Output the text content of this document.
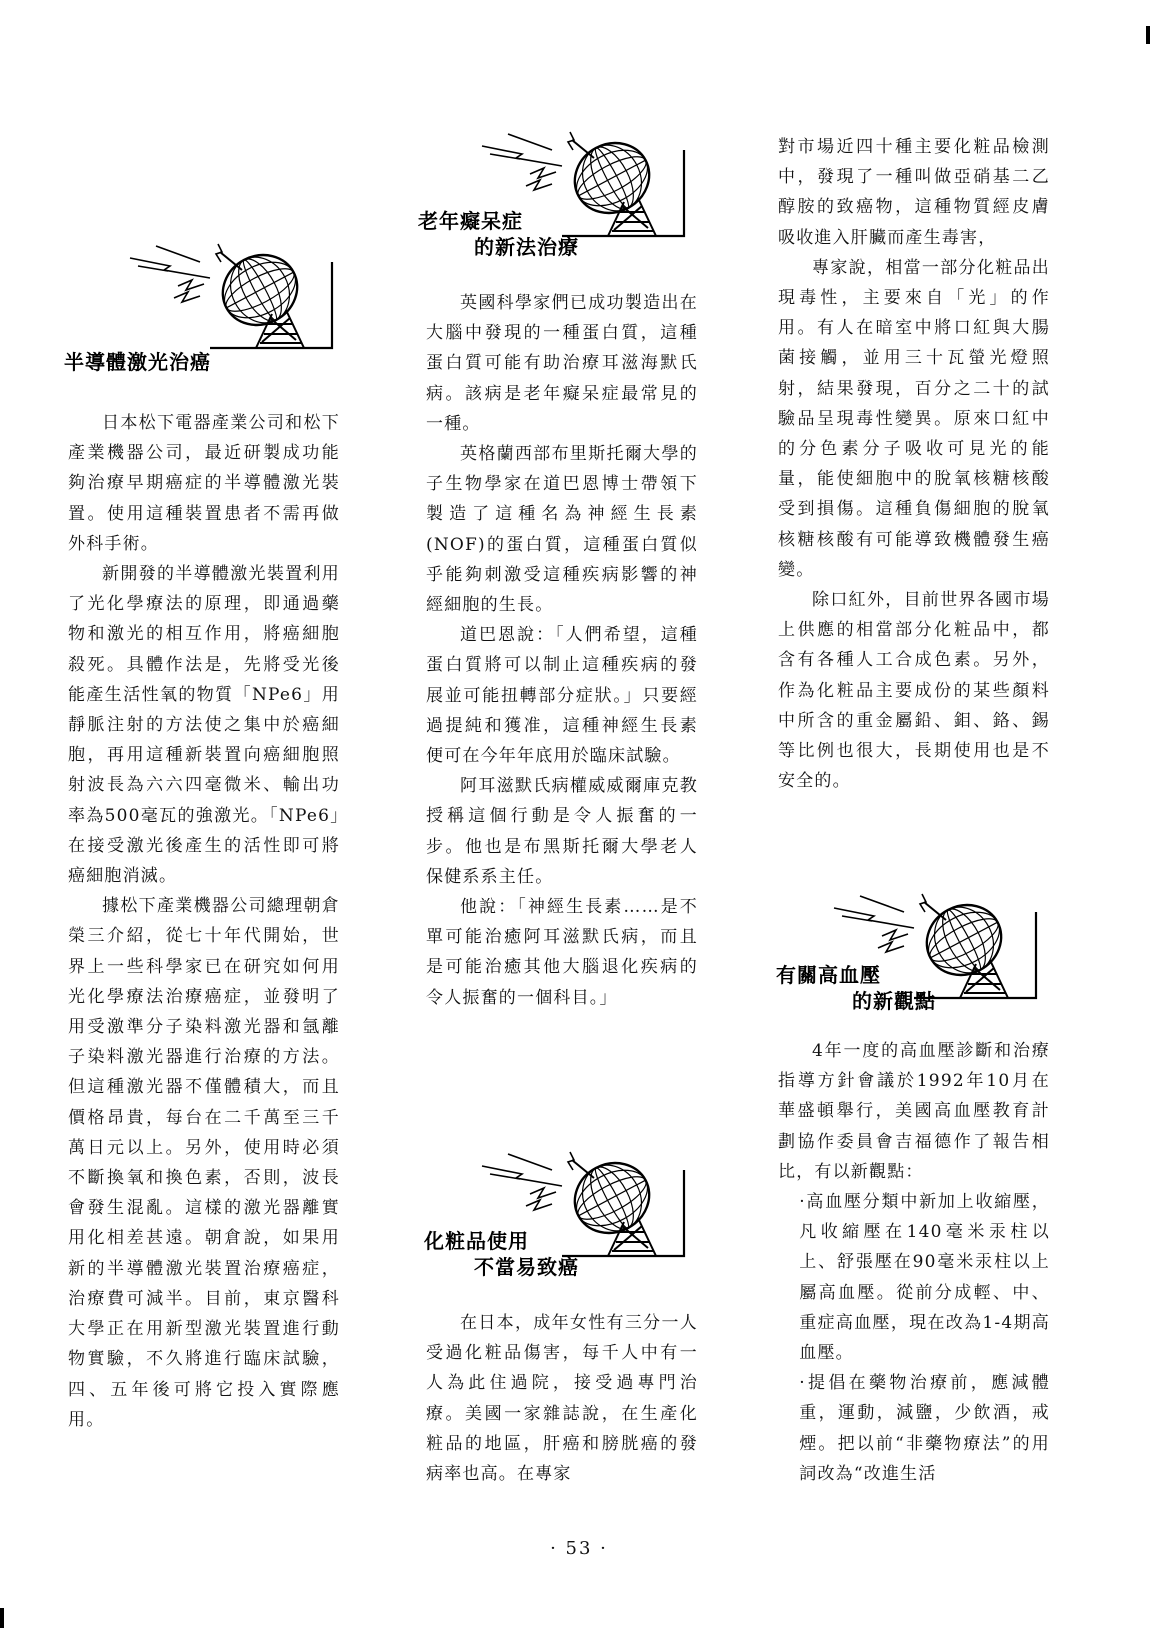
半導體激光治癌

日本松下電器產業公司和松下產業機器公司，最近研製成功能夠治療早期癌症的半導體激光裝置。使用這種裝置患者不需再做外科手術。

新開發的半導體激光裝置利用了光化學療法的原理，即通過藥物和激光的相互作用，將癌細胞殺死。具體作法是，先將受光後能產生活性氧的物質「NPe6」用靜脈注射的方法使之集中於癌細胞，再用這種新裝置向癌細胞照射波長為六六四毫微米、輸出功率為500毫瓦的強激光。「NPe6」在接受激光後產生的活性即可將癌細胞消滅。

據松下產業機器公司總理朝倉榮三介紹，從七十年代開始，世界上一些科學家已在研究如何用光化學療法治療癌症，並發明了用受激準分子染料激光器和氬離子染料激光器進行治療的方法。但這種激光器不僅體積大，而且價格昂貴，每台在二千萬至三千萬日元以上。另外，使用時必須不斷換氧和換色素，否則，波長會發生混亂。這樣的激光器離實用化相差甚遠。朝倉說，如果用新的半導體激光裝置治療癌症，治療費可減半。目前，東京醫科大學正在用新型激光裝置進行動物實驗，不久將進行臨床試驗，四、五年後可將它投入實際應用。

老年癡呆症
的新法治療

英國科學家們已成功製造出在大腦中發現的一種蛋白質，這種蛋白質可能有助治療耳滋海默氏病。該病是老年癡呆症最常見的一種。

英格蘭西部布里斯托爾大學的子生物學家在道巴恩博士帶領下製造了這種名為神經生長素(NOF)的蛋白質，這種蛋白質似乎能夠刺激受這種疾病影響的神經細胞的生長。

道巴恩說：「人們希望，這種蛋白質將可以制止這種疾病的發展並可能扭轉部分症狀。」只要經過提純和獲准，這種神經生長素便可在今年年底用於臨床試驗。

阿耳滋默氏病權威威爾庫克教授稱這個行動是令人振奮的一步。他也是布黑斯托爾大學老人保健系系主任。

他說：「神經生長素……是不單可能治癒阿耳滋默氏病，而且是可能治癒其他大腦退化疾病的令人振奮的一個科目。」

化粧品使用
不當易致癌

在日本，成年女性有三分一人受過化粧品傷害，每千人中有一人為此住過院，接受過專門治療。美國一家雜誌說，在生產化粧品的地區，肝癌和膀胱癌的發病率也高。在專家

對市場近四十種主要化粧品檢測中，發現了一種叫做亞硝基二乙醇胺的致癌物，這種物質經皮膚吸收進入肝臟而產生毒害，

專家說，相當一部分化粧品出現毒性，主要來自「光」的作用。有人在暗室中將口紅與大腸菌接觸，並用三十瓦螢光燈照射，結果發現，百分之二十的試驗品呈現毒性變異。原來口紅中的分色素分子吸收可見光的能量，能使細胞中的脫氧核糖核酸受到損傷。這種負傷細胞的脫氧核糖核酸有可能導致機體發生癌變。

除口紅外，目前世界各國市場上供應的相當部分化粧品中，都含有各種人工合成色素。另外，作為化粧品主要成份的某些顏料中所含的重金屬鉛、鉬、鉻、錫等比例也很大，長期使用也是不安全的。

有關高血壓
的新觀點

4年一度的高血壓診斷和治療指導方針會議於1992年10月在華盛頓舉行，美國高血壓教育計劃協作委員會吉福德作了報告相比，有以新觀點：

·高血壓分類中新加上收縮壓，凡收縮壓在140毫米汞柱以上、舒張壓在90毫米汞柱以上屬高血壓。從前分成輕、中、重症高血壓，現在改為1-4期高血壓。

·提倡在藥物治療前，應減體重，運動，減鹽，少飲酒，戒煙。把以前“非藥物療法”的用詞改為“改進生活

· 53 ·
